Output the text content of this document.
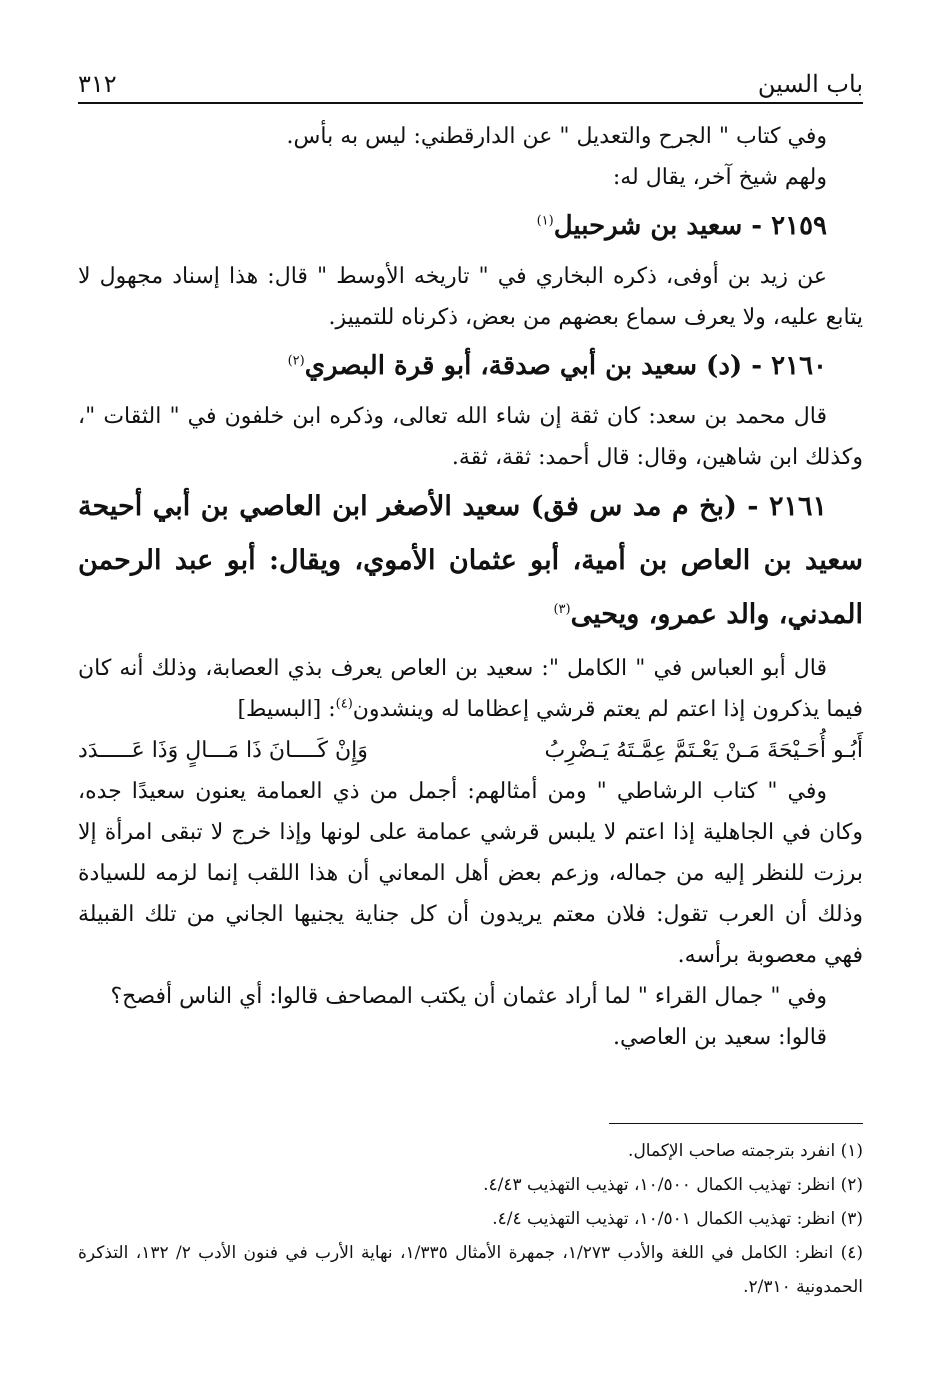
باب السين
٣١٢

وفي كتاب " الجرح والتعديل " عن الدارقطني: ليس به بأس.

ولهم شيخ آخر، يقال له:

٢١٥٩ - سعيد بن شرحبيل$^{(١)}$

عن زيد بن أوفى، ذكره البخاري في " تاريخه الأوسط " قال: هذا إسناد مجهول لا يتابع عليه، ولا يعرف سماع بعضهم من بعض، ذكرناه للتمييز.

٢١٦٠ - (د) سعيد بن أبي صدقة، أبو قرة البصري$^{(٢)}$

قال محمد بن سعد: كان ثقة إن شاء الله تعالى، وذكره ابن خلفون في " الثقات "، وكذلك ابن شاهين، وقال: قال أحمد: ثقة، ثقة.

٢١٦١ - (بخ م مد س فق) سعيد الأصغر ابن العاصي بن أبي أحيحة سعيد بن العاص بن أمية، أبو عثمان الأموي، ويقال: أبو عبد الرحمن المدني، والد عمرو، ويحيى$^{(٣)}$

قال أبو العباس في " الكامل ": سعيد بن العاص يعرف بذي العصابة، وذلك أنه كان فيما يذكرون إذا اعتم لم يعتم قرشي إعظاما له وينشدون$^{(٤)}$: [البسيط]

أَبُـو أُحَـيْحَةَ مَـنْ يَعْـتَمَّ عِمَّـتَهُ يَـضْرِبُ
وَإِنْ كَــــانَ ذَا مَـــالٍ وَذَا عَـــــدَد

وفي " كتاب الرشاطي " ومن أمثالهم: أجمل من ذي العمامة يعنون سعيدًا جده، وكان في الجاهلية إذا اعتم لا يلبس قرشي عمامة على لونها وإذا خرج لا تبقى امرأة إلا برزت للنظر إليه من جماله، وزعم بعض أهل المعاني أن هذا اللقب إنما لزمه للسيادة وذلك أن العرب تقول: فلان معتم يريدون أن كل جناية يجنيها الجاني من تلك القبيلة فهي معصوبة برأسه.

وفي " جمال القراء " لما أراد عثمان أن يكتب المصاحف قالوا: أي الناس أفصح؟

قالوا: سعيد بن العاصي.

(١) انفرد بترجمته صاحب الإكمال.

(٢) انظر: تهذيب الكمال ١٠/٥٠٠، تهذيب التهذيب ٤/٤٣.

(٣) انظر: تهذيب الكمال ١٠/٥٠١، تهذيب التهذيب ٤/٤.

(٤) انظر: الكامل في اللغة والأدب ١/٢٧٣، جمهرة الأمثال ١/٣٣٥، نهاية الأرب في فنون الأدب ٢/ ١٣٢، التذكرة الحمدونية ٢/٣١٠.
